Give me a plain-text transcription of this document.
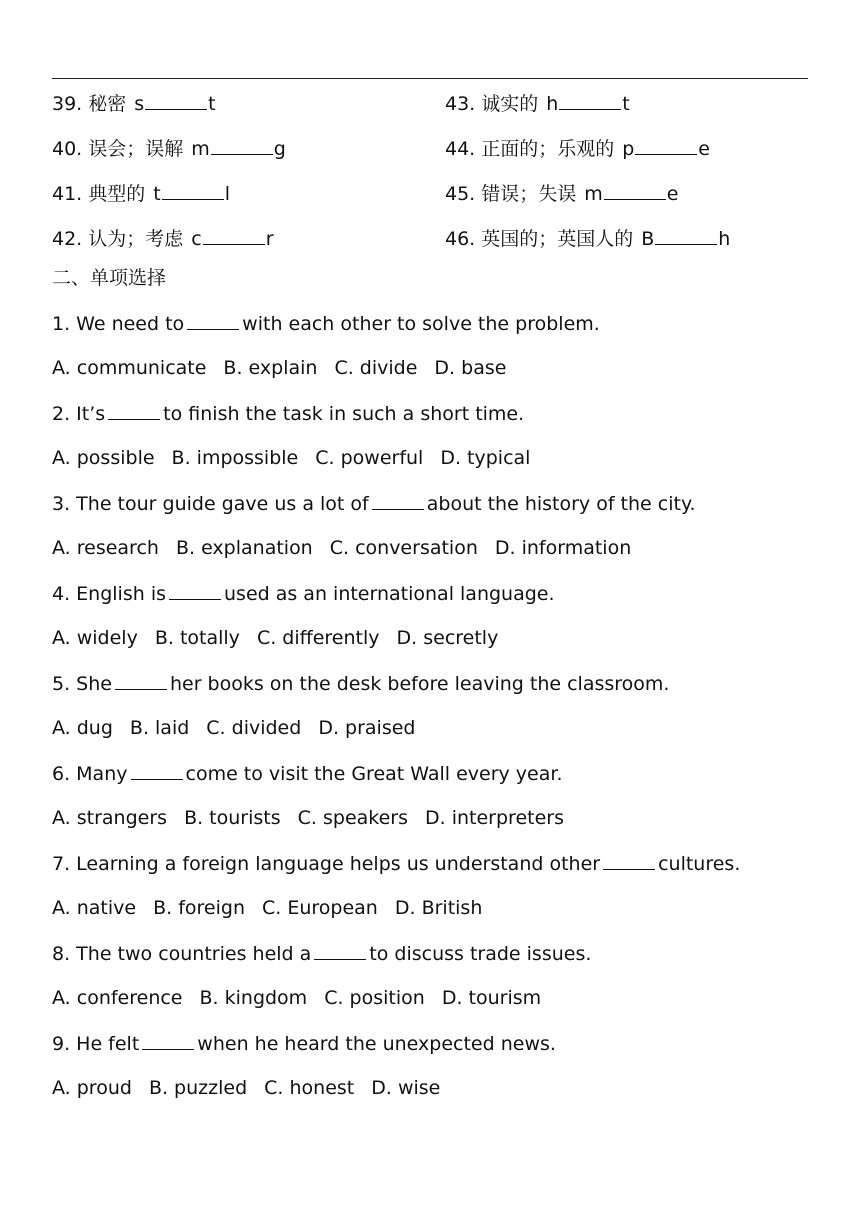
39. 秘密 s	t
40. 误会；误解 m	g
41. 典型的 t	l
42. 认为；考虑 c	r
43. 诚实的 h	t
44. 正面的；乐观的 p	e
45. 错误；失误 m	e
46. 英国的；英国人的 B	h
二、单项选择
1. We need to	with each other to solve the problem.
A. communicate B. explain C. divide D. base
2. It’s	to finish the task in such a short time.
A. possible B. impossible C. powerful D. typical
3. The tour guide gave us a lot of	about the history of the city.
A. research B. explanation C. conversation D. information
4. English is	used as an international language.
A. widely B. totally C. differently D. secretly
5. She	her books on the desk before leaving the classroom.
A. dug B. laid C. divided D. praised
6. Many	come to visit the Great Wall every year.
A. strangers B. tourists C. speakers D. interpreters
7. Learning a foreign language helps us understand other	cultures.
A. native B. foreign C. European D. British
8. The two countries held a	to discuss trade issues.
A. conference B. kingdom C. position D. tourism
9. He felt	when he heard the unexpected news.
A. proud B. puzzled C. honest D. wise
